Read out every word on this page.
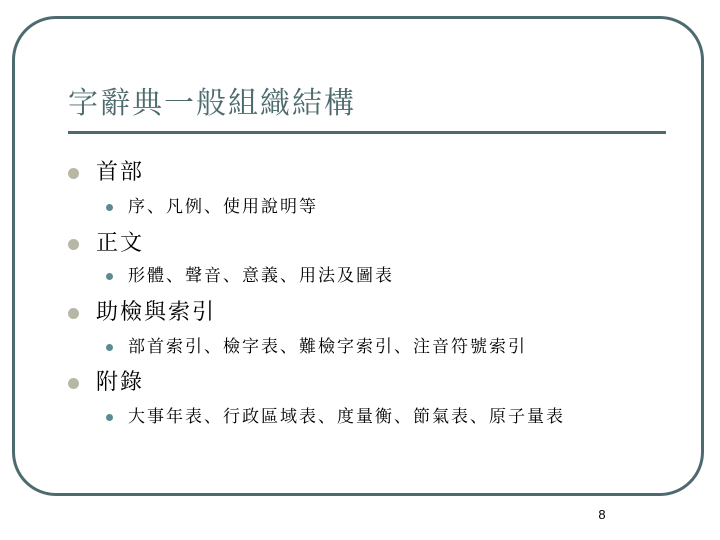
字辭典一般組織結構
首部
序、凡例、使用說明等
正文
形體、聲音、意義、用法及圖表
助檢與索引
部首索引、檢字表、難檢字索引、注音符號索引
附錄
大事年表、行政區域表、度量衡、節氣表、原子量表
8
